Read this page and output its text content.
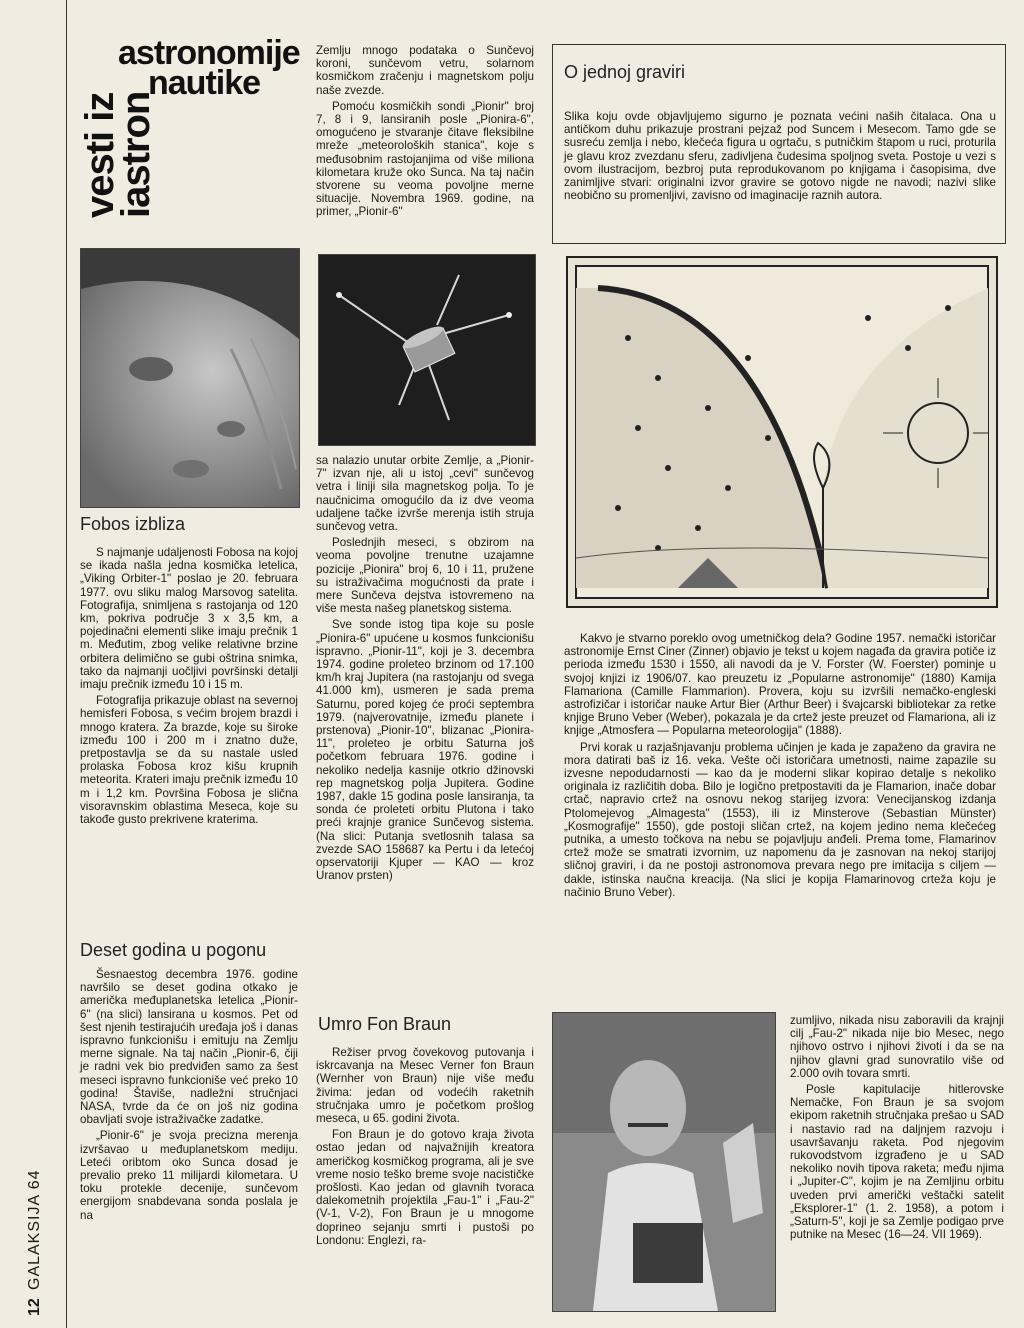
astronomije
nautike
vesti iz
iastron
Fobos izbliza

S najmanje udaljenosti Fobosa na kojoj se ikada našla jedna kosmička letelica, „Viking Orbiter-1" poslao je 20. februara 1977. ovu sliku malog Marsovog satelita. Fotografija, snimljena s rastojanja od 120 km, pokriva područje 3 x 3,5 km, a pojedinačni elementi slike imaju prečnik 1 m. Međutim, zbog velike relativne brzine orbitera delimično se gubi oštrina snimka, tako da najmanji uočljivi površinski detalji imaju prečnik između 10 i 15 m.

Fotografija prikazuje oblast na severnoj hemisferi Fobosa, s većim brojem brazdi i mnogo kratera. Za brazde, koje su široke između 100 i 200 m i znatno duže, pretpostavlja se da su nastale usled prolaska Fobosa kroz kišu krupnih meteorita. Krateri imaju prečnik između 10 m i 1,2 km. Površina Fobosa je slična visoravnskim oblastima Meseca, koje su takođe gusto prekrivene kraterima.

Deset godina u pogonu

Šesnaestog decembra 1976. godine navršilo se deset godina otkako je američka međuplanetska letelica „Pionir-6" (na slici) lansirana u kosmos. Pet od šest njenih testirajućih uređaja još i danas ispravno funkcionišu i emituju na Zemlju merne signale. Na taj način „Pionir-6, čiji je radni vek bio predviđen samo za šest meseci ispravno funkcioniše već preko 10 godina! Štaviše, nadležni stručnjaci NASA, tvrde da će on još niz godina obavljati svoje istraživačke zadatke.

„Pionir-6" je svoja precizna merenja izvršavao u međuplanetskom mediju. Leteći oribtom oko Sunca dosad je prevalio preko 11 milijardi kilometara. U toku proteklе decenije, sunčevom energijom snabdevana sonda poslala je na

Zemlju mnogo podataka o Sunčevoj koroni, sunčevom vetru, solarnom kosmičkom zračenju i magnetskom polju naše zvezde.

Pomoću kosmičkih sondi „Pionir" broj 7, 8 i 9, lansiranih posle „Pionira-6", omogućeno je stvaranje čitave fleksibilne mreže „meteoroloških stanica", koje s međusobnim rastojanjima od više miliona kilometara kruže oko Sunca. Na taj način stvorene su veoma povoljne merne situacije. Novembra 1969. godine, na primer, „Pionir-6"

sa nalazio unutar orbite Zemlje, a „Pionir-7" izvan nje, ali u istoj „cevi" sunčevog vetra i liniji sila magnetskog polja. To je naučnicima omogućilo da iz dve veoma udaljene tačke izvrše merenja istih struja sunčevog vetra.

Poslednjih meseci, s obzirom na veoma povoljne trenutne uzajamne pozicije „Pionira" broj 6, 10 i 11, pružene su istraživačima mogućnosti da prate i mere Sunčeva dejstva istovremeno na više mesta našeg planetskog sistema.

Sve sonde istog tipa koje su posle „Pionira-6" upućene u kosmos funkcionišu ispravno. „Pionir-11", koji je 3. decembra 1974. godine proleteo brzinom od 17.100 km/h kraj Jupitera (na rastojanju od svega 41.000 km), usmeren je sada prema Saturnu, pored kojeg će proći septembra 1979. (najverovatnije, između planete i prstenova) „Pionir-10", blizanac „Pionira-11", proleteo je orbitu Saturna još početkom februara 1976. godine i nekoliko nedelja kasnije otkrio džinovski rep magnetskog polja Jupitera. Godine 1987, dakle 15 godina posle lansiranja, ta sonda će proleteti orbitu Plutona i tako preći krajnje granice Sunčevog sistema. (Na slici: Putanja svetlosnih talasa sa zvezde SAO 158687 ka Pertu i da letećoj opservatoriji Kjuper — KAO — kroz Uranov prsten)

O jednoj graviri
Slika koju ovde objavljujemo sigurno je poznata većini naših čitalaca. Ona u antičkom duhu prikazuje prostrani pejzaž pod Suncem i Mesecom. Tamo gde se susreću zemlja i nebo, klečeća figura u ogrtaču, s putničkim štapom u ruci, proturila je glavu kroz zvezdanu sferu, zadivljena čudesima spoljnog sveta. Postoje u vezi s ovom ilustracijom, bezbroj puta reprodukovanom po knjigama i časopisima, dve zanimljive stvari: originalni izvor gravire se gotovo nigde ne navodi; nazivi slike neobično su promenljivi, zavisno od imaginacije raznih autora.

Kakvo je stvarno poreklo ovog umetničkog dela? Godine 1957. nemački istoričar astronomije Ernst Ciner (Zinner) objavio je tekst u kojem nagađa da gravira potiče iz perioda između 1530 i 1550, ali navodi da je V. Forster (W. Foerster) pominje u svojoj knjizi iz 1906/07. kao preuzetu iz „Popularne astronomije" (1880) Kamija Flamariona (Camille Flammarion). Provera, koju su izvršili nemačko-engleski astrofizičar i istoričar nauke Artur Bier (Arthur Beer) i švajcarski bibliotekar za retke knjige Bruno Veber (Weber), pokazala je da crtež jeste preuzet od Flamariona, ali iz knjige „Atmosfera — Popularna meteorologija" (1888).

Prvi korak u razjašnjavanju problema učinjen je kada je zapaženo da gravira ne mora datirati baš iz 16. veka. Vešte oči istoričara umetnosti, naime zapazile su izvesne nepodudarnosti — kao da je moderni slikar kopirao detalje s nekoliko originala iz različitih doba. Bilo je logično pretpostaviti da je Flamarion, inače dobar crtač, napravio crtež na osnovu nekog starijeg izvora: Venecijanskog izdanja Ptolomejevog „Almagesta" (1553), ili iz Minsterove (Sebastian Münster) „Kosmografije" 1550), gde postoji sličan crtež, na kojem jedino nema klečećeg putnika, a umesto točkova na nebu se pojavljuju anđeli. Prema tome, Flamarinov crtež može se smatrati izvornim, uz napomenu da je zasnovan na nekoj starijoj sličnoj graviri, i da ne postoji astronomova prevara nego pre imitacija s ciljem — dakle, istinska naučna kreacija. (Na slici je kopija Flamarinovog crteža koju je načinio Bruno Veber).

Umro Fon Braun

Režiser prvog čovekovog putovanja i iskrcavanja na Mesec Verner fon Braun (Wernher von Braun) nije više među živima: jedan od vodećih raketnih stručnjaka umro je početkom prošlog meseca, u 65. godini života.

Fon Braun je do gotovo kraja života ostao jedan od najvažnijih kreatora američkog kosmičkog programa, ali je sve vreme nosio teško breme svoje nacističke prošlosti. Kao jedan od glavnih tvoraca dalekometnih projektila „Fau-1" i „Fau-2" (V-1, V-2), Fon Braun je u mnogome doprineo sejanju smrti i pustoši po Londonu: Englezi, ra-

zumljivo, nikada nisu zaboravili da krajnji cilj „Fau-2" nikada nije bio Mesec, nego njihovo ostrvo i njihovi životi i da se na njihov glavni grad sunovratilo više od 2.000 ovih tovara smrti.

Posle kapitulacije hitlerovske Nemačke, Fon Braun je sa svojom ekipom raketnih stručnjaka prešao u SAD i nastavio rad na daljnjem razvoju i usavršavanju raketa. Pod njegovim rukovodstvom izgrađeno je u SAD nekoliko novih tipova raketa; među njima i „Jupiter-C", kojim je na Zemljinu orbitu uveden prvi američki veštački satelit „Eksplorer-1" (1. 2. 1958), a potom i „Saturn-5", koji je sa Zemlje podigao prve putnike na Mesec (16—24. VII 1969).

12
GALAKSIJA 64
